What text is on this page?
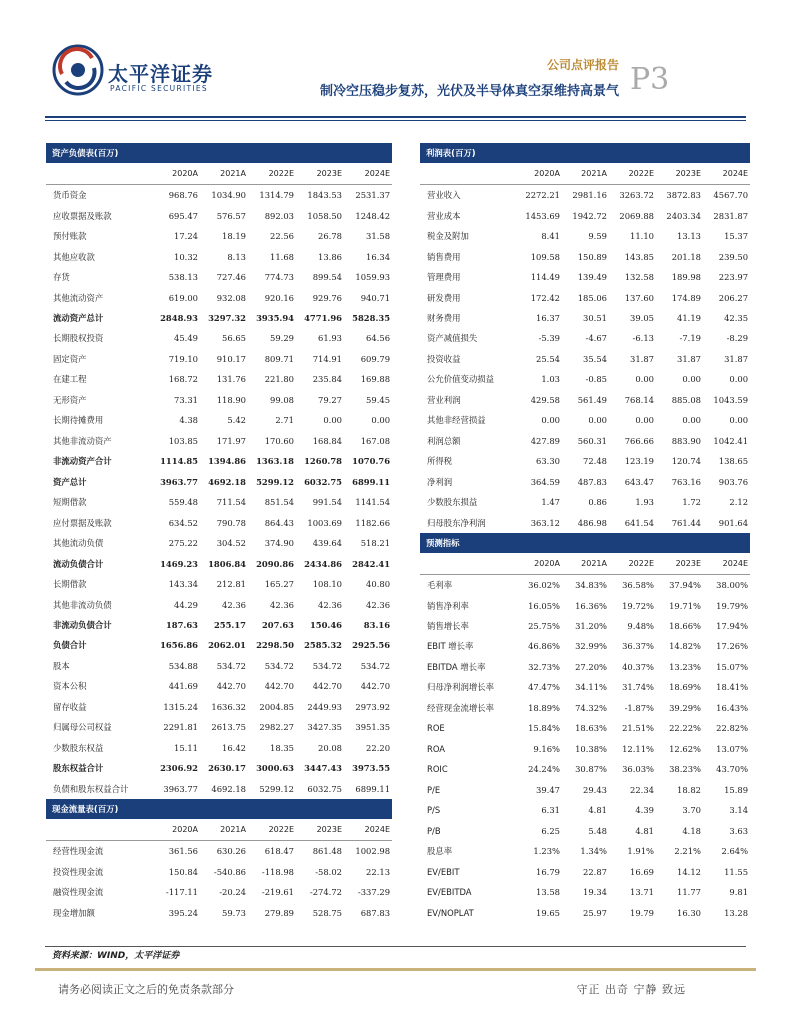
太平洋证券
PACIFIC SECURITIES
公司点评报告
制冷空压稳步复苏，光伏及半导体真空泵维持高景气 P3
资产负债表(百万)					
	2020A	2021A	2022E	2023E	2024E
货币资金	968.76	1034.90	1314.79	1843.53	2531.37
应收票据及账款	695.47	576.57	892.03	1058.50	1248.42
预付账款	17.24	18.19	22.56	26.78	31.58
其他应收款	10.32	8.13	11.68	13.86	16.34
存货	538.13	727.46	774.73	899.54	1059.93
其他流动资产	619.00	932.08	920.16	929.76	940.71
流动资产总计	2848.93	3297.32	3935.94	4771.96	5828.35
长期股权投资	45.49	56.65	59.29	61.93	64.56
固定资产	719.10	910.17	809.71	714.91	609.79
在建工程	168.72	131.76	221.80	235.84	169.88
无形资产	73.31	118.90	99.08	79.27	59.45
长期待摊费用	4.38	5.42	2.71	0.00	0.00
其他非流动资产	103.85	171.97	170.60	168.84	167.08
非流动资产合计	1114.85	1394.86	1363.18	1260.78	1070.76
资产总计	3963.77	4692.18	5299.12	6032.75	6899.11
短期借款	559.48	711.54	851.54	991.54	1141.54
应付票据及账款	634.52	790.78	864.43	1003.69	1182.66
其他流动负债	275.22	304.52	374.90	439.64	518.21
流动负债合计	1469.23	1806.84	2090.86	2434.86	2842.41
长期借款	143.34	212.81	165.27	108.10	40.80
其他非流动负债	44.29	42.36	42.36	42.36	42.36
非流动负债合计	187.63	255.17	207.63	150.46	83.16
负债合计	1656.86	2062.01	2298.50	2585.32	2925.56
股本	534.88	534.72	534.72	534.72	534.72
资本公积	441.69	442.70	442.70	442.70	442.70
留存收益	1315.24	1636.32	2004.85	2449.93	2973.92
归属母公司权益	2291.81	2613.75	2982.27	3427.35	3951.35
少数股东权益	15.11	16.42	18.35	20.08	22.20
股东权益合计	2306.92	2630.17	3000.63	3447.43	3973.55
负债和股东权益合计	3963.77	4692.18	5299.12	6032.75	6899.11
现金流量表(百万)					
	2020A	2021A	2022E	2023E	2024E
经营性现金流	361.56	630.26	618.47	861.48	1002.98
投资性现金流	150.84	-540.86	-118.98	-58.02	22.13
融资性现金流	-117.11	-20.24	-219.61	-274.72	-337.29
现金增加额	395.24	59.73	279.89	528.75	687.83
利润表(百万)					
	2020A	2021A	2022E	2023E	2024E
营业收入	2272.21	2981.16	3263.72	3872.83	4567.70
营业成本	1453.69	1942.72	2069.88	2403.34	2831.87
税金及附加	8.41	9.59	11.10	13.13	15.37
销售费用	109.58	150.89	143.85	201.18	239.50
管理费用	114.49	139.49	132.58	189.98	223.97
研发费用	172.42	185.06	137.60	174.89	206.27
财务费用	16.37	30.51	39.05	41.19	42.35
资产减值损失	-5.39	-4.67	-6.13	-7.19	-8.29
投资收益	25.54	35.54	31.87	31.87	31.87
公允价值变动损益	1.03	-0.85	0.00	0.00	0.00
营业利润	429.58	561.49	768.14	885.08	1043.59
其他非经营损益	0.00	0.00	0.00	0.00	0.00
利润总额	427.89	560.31	766.66	883.90	1042.41
所得税	63.30	72.48	123.19	120.74	138.65
净利润	364.59	487.83	643.47	763.16	903.76
少数股东损益	1.47	0.86	1.93	1.72	2.12
归母股东净利润	363.12	486.98	641.54	761.44	901.64
预测指标					
	2020A	2021A	2022E	2023E	2024E
毛利率	36.02%	34.83%	36.58%	37.94%	38.00%
销售净利率	16.05%	16.36%	19.72%	19.71%	19.79%
销售增长率	25.75%	31.20%	9.48%	18.66%	17.94%
EBIT 增长率	46.86%	32.99%	36.37%	14.82%	17.26%
EBITDA 增长率	32.73%	27.20%	40.37%	13.23%	15.07%
归母净利润增长率	47.47%	34.11%	31.74%	18.69%	18.41%
经营现金流增长率	18.89%	74.32%	-1.87%	39.29%	16.43%
ROE	15.84%	18.63%	21.51%	22.22%	22.82%
ROA	9.16%	10.38%	12.11%	12.62%	13.07%
ROIC	24.24%	30.87%	36.03%	38.23%	43.70%
P/E	39.47	29.43	22.34	18.82	15.89
P/S	6.31	4.81	4.39	3.70	3.14
P/B	6.25	5.48	4.81	4.18	3.63
股息率	1.23%	1.34%	1.91%	2.21%	2.64%
EV/EBIT	16.79	22.87	16.69	14.12	11.55
EV/EBITDA	13.58	19.34	13.71	11.77	9.81
EV/NOPLAT	19.65	25.97	19.79	16.30	13.28
资料来源：WIND，太平洋证券
请务必阅读正文之后的免责条款部分	守正 出奇 宁静 致远
